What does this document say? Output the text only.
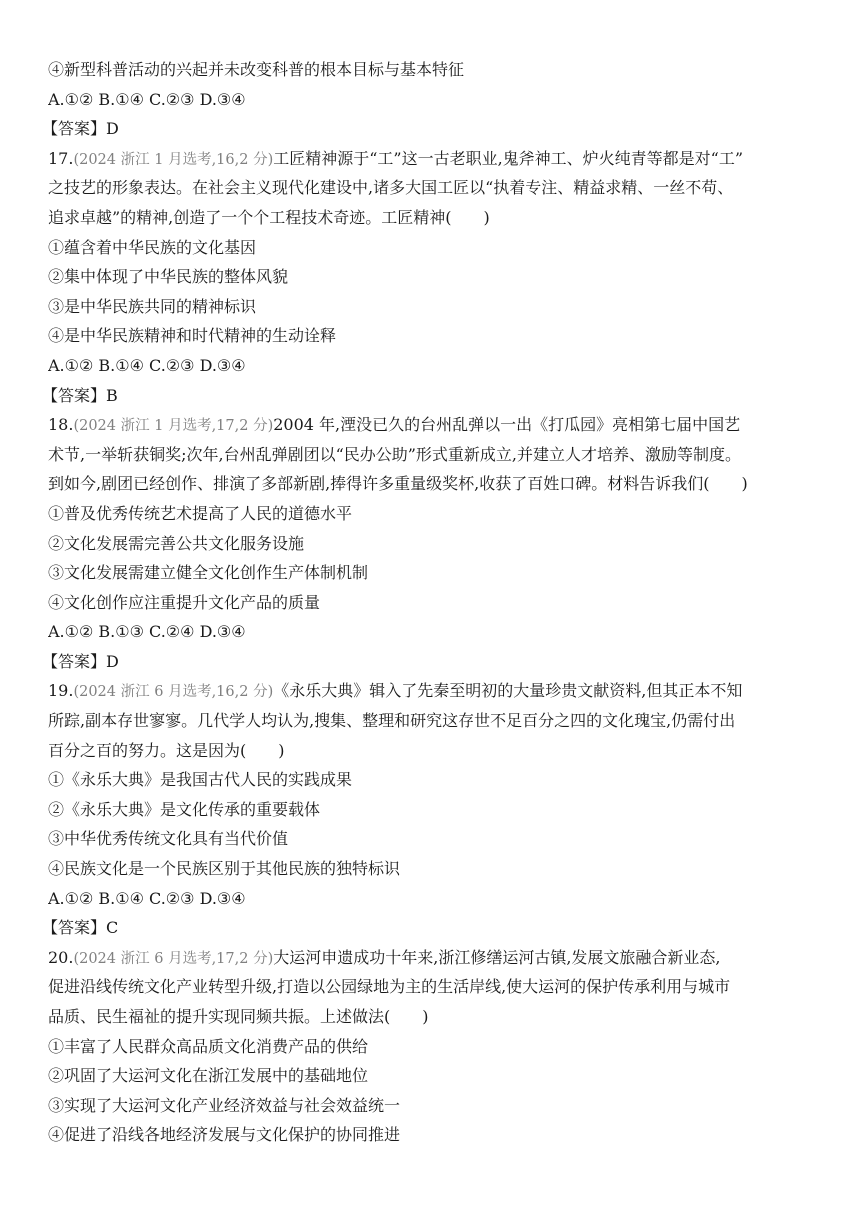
④新型科普活动的兴起并未改变科普的根本目标与基本特征
A.①② B.①④ C.②③ D.③④
【答案】D
17.(2024 浙江 1 月选考,16,2 分)工匠精神源于“工”这一古老职业,鬼斧神工、炉火纯青等都是对“工”
之技艺的形象表达。在社会主义现代化建设中,诸多大国工匠以“执着专注、精益求精、一丝不苟、
追求卓越”的精神,创造了一个个工程技术奇迹。工匠精神(　　)
①蕴含着中华民族的文化基因
②集中体现了中华民族的整体风貌
③是中华民族共同的精神标识
④是中华民族精神和时代精神的生动诠释
A.①② B.①④ C.②③ D.③④
【答案】B
18.(2024 浙江 1 月选考,17,2 分)2004 年,湮没已久的台州乱弹以一出《打瓜园》亮相第七届中国艺
术节,一举斩获铜奖;次年,台州乱弹剧团以“民办公助”形式重新成立,并建立人才培养、激励等制度。
到如今,剧团已经创作、排演了多部新剧,捧得许多重量级奖杯,收获了百姓口碑。材料告诉我们(　　)
①普及优秀传统艺术提高了人民的道德水平
②文化发展需完善公共文化服务设施
③文化发展需建立健全文化创作生产体制机制
④文化创作应注重提升文化产品的质量
A.①② B.①③ C.②④ D.③④
【答案】D
19.(2024 浙江 6 月选考,16,2 分)《永乐大典》辑入了先秦至明初的大量珍贵文献资料,但其正本不知
所踪,副本存世寥寥。几代学人均认为,搜集、整理和研究这存世不足百分之四的文化瑰宝,仍需付出
百分之百的努力。这是因为(　　)
①《永乐大典》是我国古代人民的实践成果
②《永乐大典》是文化传承的重要载体
③中华优秀传统文化具有当代价值
④民族文化是一个民族区别于其他民族的独特标识
A.①② B.①④ C.②③ D.③④
【答案】C
20.(2024 浙江 6 月选考,17,2 分)大运河申遗成功十年来,浙江修缮运河古镇,发展文旅融合新业态,
促进沿线传统文化产业转型升级,打造以公园绿地为主的生活岸线,使大运河的保护传承利用与城市
品质、民生福祉的提升实现同频共振。上述做法(　　)
①丰富了人民群众高品质文化消费产品的供给
②巩固了大运河文化在浙江发展中的基础地位
③实现了大运河文化产业经济效益与社会效益统一
④促进了沿线各地经济发展与文化保护的协同推进
